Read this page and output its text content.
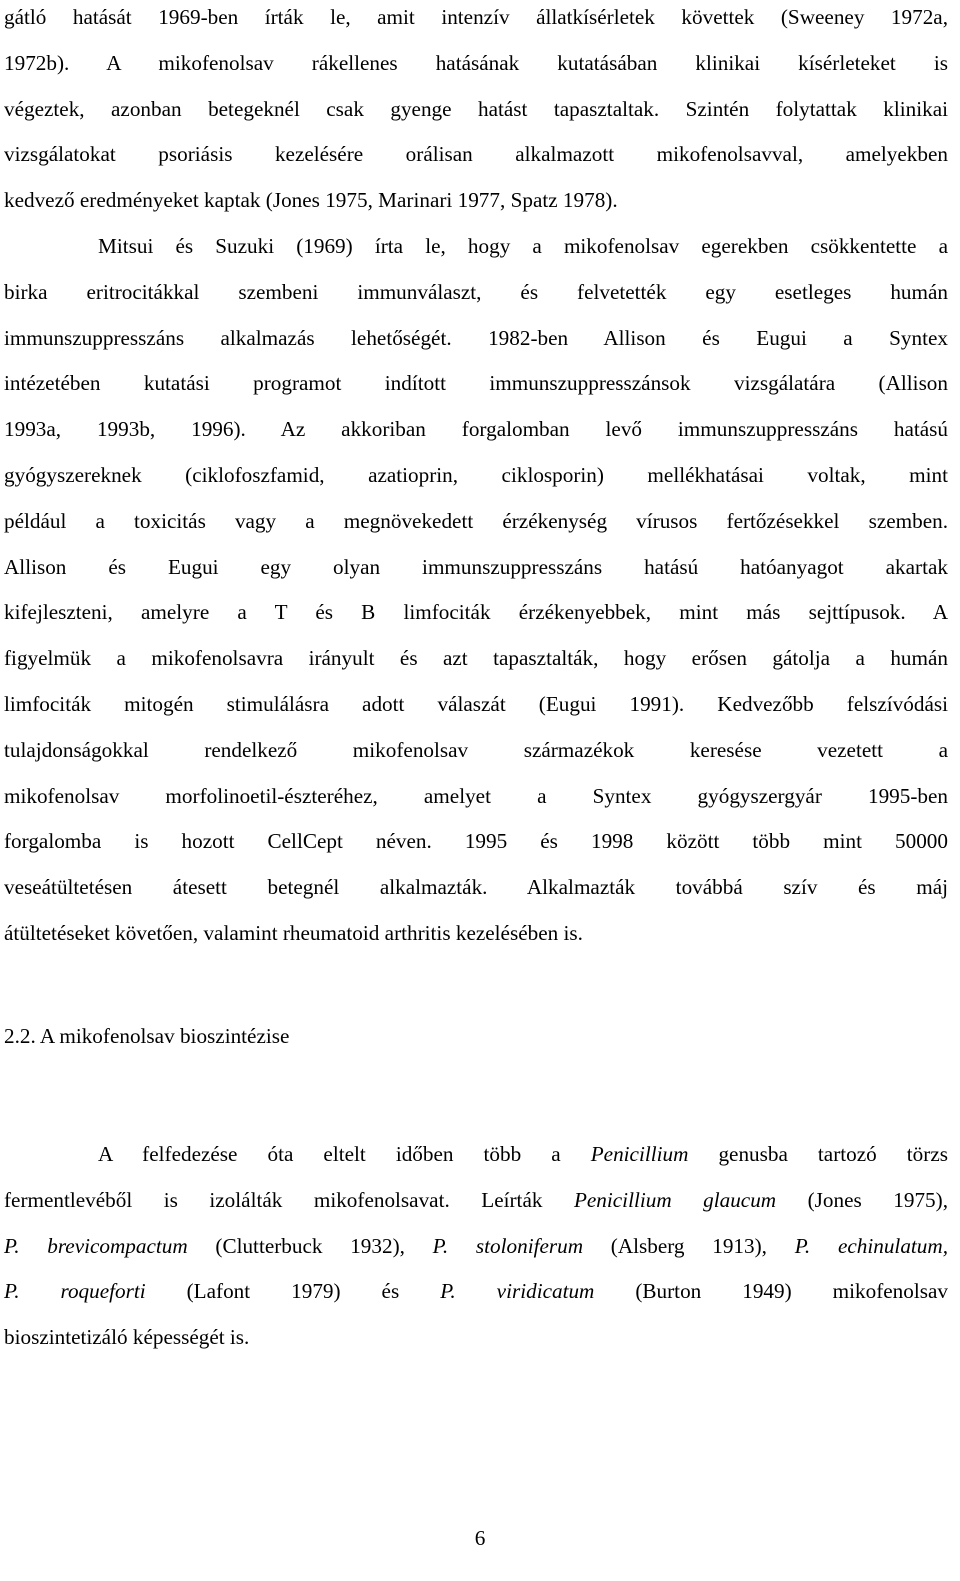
gátló hatását 1969-ben írták le, amit intenzív állatkísérletek követtek (Sweeney 1972a,
1972b). A mikofenolsav rákellenes hatásának kutatásában klinikai kísérleteket is
végeztek, azonban betegeknél csak gyenge hatást tapasztaltak. Szintén folytattak klinikai
vizsgálatokat psoriásis kezelésére orálisan alkalmazott mikofenolsavval, amelyekben
kedvező eredményeket kaptak (Jones 1975, Marinari 1977, Spatz 1978).
Mitsui és Suzuki (1969) írta le, hogy a mikofenolsav egerekben csökkentette a
birka eritrocitákkal szembeni immunválaszt, és felvetették egy esetleges humán
immunszuppresszáns alkalmazás lehetőségét. 1982-ben Allison és Eugui a Syntex
intézetében kutatási programot indított immunszuppresszánsok vizsgálatára (Allison
1993a, 1993b, 1996). Az akkoriban forgalomban levő immunszuppresszáns hatású
gyógyszereknek (ciklofoszfamid, azatioprin, ciklosporin) mellékhatásai voltak, mint
például a toxicitás vagy a megnövekedett érzékenység vírusos fertőzésekkel szemben.
Allison és Eugui egy olyan immunszuppresszáns hatású hatóanyagot akartak
kifejleszteni, amelyre a T és B limfociták érzékenyebbek, mint más sejttípusok. A
figyelmük a mikofenolsavra irányult és azt tapasztalták, hogy erősen gátolja a humán
limfociták mitogén stimulálásra adott válaszát (Eugui 1991). Kedvezőbb felszívódási
tulajdonságokkal rendelkező mikofenolsav származékok keresése vezetett a
mikofenolsav morfolinoetil-észteréhez, amelyet a Syntex gyógyszergyár 1995-ben
forgalomba is hozott CellCept néven. 1995 és 1998 között több mint 50000
veseátültetésen átesett betegnél alkalmazták. Alkalmazták továbbá szív és máj
átültetéseket követően, valamint rheumatoid arthritis kezelésében is.
2.2. A mikofenolsav bioszintézise
A felfedezése óta eltelt időben több a Penicillium genusba tartozó törzs
fermentlevéből is izolálták mikofenolsavat. Leírták Penicillium glaucum (Jones 1975),
P. brevicompactum (Clutterbuck 1932), P. stoloniferum (Alsberg 1913), P. echinulatum,
P. roqueforti (Lafont 1979) és P. viridicatum (Burton 1949) mikofenolsav
bioszintetizáló képességét is.
6
